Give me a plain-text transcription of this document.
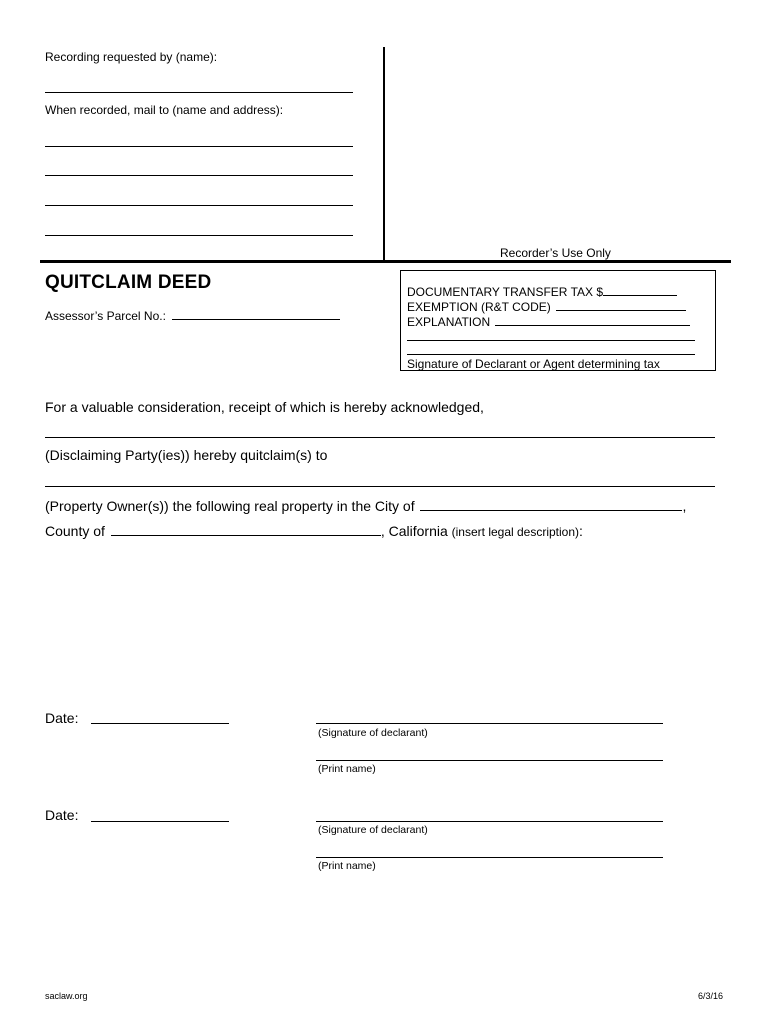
Recording requested by (name):
When recorded, mail to (name and address):
Recorder’s Use Only
QUITCLAIM DEED
Assessor’s Parcel No.:
DOCUMENTARY TRANSFER TAX $
EXEMPTION (R&T CODE)
EXPLANATION
Signature of Declarant or Agent determining tax
For a valuable consideration, receipt of which is hereby acknowledged,
(Disclaiming Party(ies)) hereby quitclaim(s) to
(Property Owner(s)) the following real property in the City of	,
County of	, California (insert legal description):
Date:
(Signature of declarant)
(Print name)
Date:
(Signature of declarant)
(Print name)
saclaw.org	6/3/16
